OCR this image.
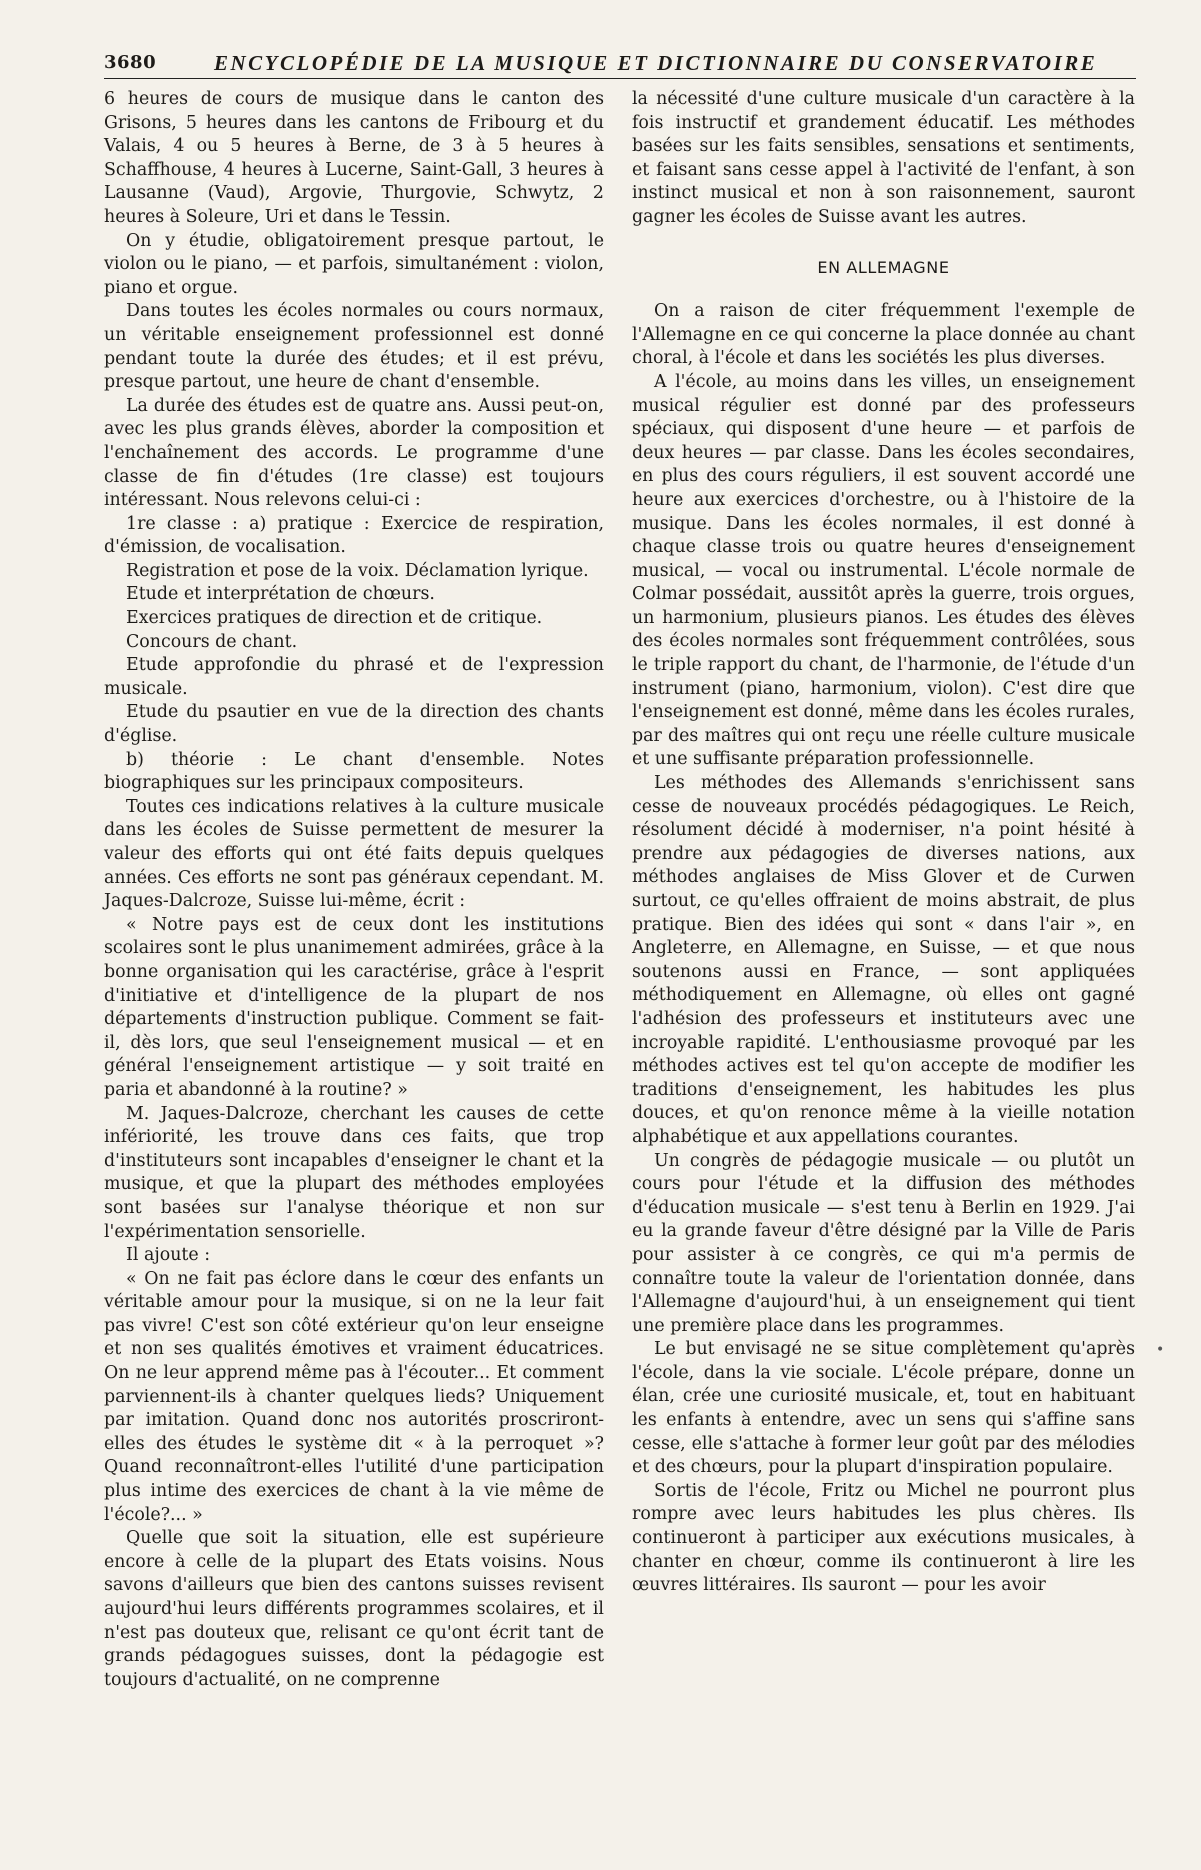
3680	ENCYCLOPÉDIE DE LA MUSIQUE ET DICTIONNAIRE DU CONSERVATOIRE

6 heures de cours de musique dans le canton des Grisons, 5 heures dans les cantons de Fribourg et du Valais, 4 ou 5 heures à Berne, de 3 à 5 heures à Schaffhouse, 4 heures à Lucerne, Saint-Gall, 3 heures à Lausanne (Vaud), Argovie, Thurgovie, Schwytz, 2 heures à Soleure, Uri et dans le Tessin.

On y étudie, obligatoirement presque partout, le violon ou le piano, — et parfois, simultanément : violon, piano et orgue.

Dans toutes les écoles normales ou cours normaux, un véritable enseignement professionnel est donné pendant toute la durée des études; et il est prévu, presque partout, une heure de chant d'ensemble.

La durée des études est de quatre ans. Aussi peut-on, avec les plus grands élèves, aborder la composition et l'enchaînement des accords. Le programme d'une classe de fin d'études (1re classe) est toujours intéressant. Nous relevons celui-ci :

1re classe : a) pratique : Exercice de respiration, d'émission, de vocalisation.

Registration et pose de la voix. Déclamation lyrique.

Etude et interprétation de chœurs.

Exercices pratiques de direction et de critique.

Concours de chant.

Etude approfondie du phrasé et de l'expression musicale.

Etude du psautier en vue de la direction des chants d'église.

b) théorie : Le chant d'ensemble. Notes biographiques sur les principaux compositeurs.

Toutes ces indications relatives à la culture musicale dans les écoles de Suisse permettent de mesurer la valeur des efforts qui ont été faits depuis quelques années. Ces efforts ne sont pas généraux cependant. M. Jaques-Dalcroze, Suisse lui-même, écrit :

« Notre pays est de ceux dont les institutions scolaires sont le plus unanimement admirées, grâce à la bonne organisation qui les caractérise, grâce à l'esprit d'initiative et d'intelligence de la plupart de nos départements d'instruction publique. Comment se fait-il, dès lors, que seul l'enseignement musical — et en général l'enseignement artistique — y soit traité en paria et abandonné à la routine? »

M. Jaques-Dalcroze, cherchant les causes de cette infériorité, les trouve dans ces faits, que trop d'instituteurs sont incapables d'enseigner le chant et la musique, et que la plupart des méthodes employées sont basées sur l'analyse théorique et non sur l'expérimentation sensorielle.

Il ajoute :

« On ne fait pas éclore dans le cœur des enfants un véritable amour pour la musique, si on ne la leur fait pas vivre! C'est son côté extérieur qu'on leur enseigne et non ses qualités émotives et vraiment éducatrices. On ne leur apprend même pas à l'écouter... Et comment parviennent-ils à chanter quelques lieds? Uniquement par imitation. Quand donc nos autorités proscriront-elles des études le système dit « à la perroquet »? Quand reconnaîtront-elles l'utilité d'une participation plus intime des exercices de chant à la vie même de l'école?... »

Quelle que soit la situation, elle est supérieure encore à celle de la plupart des Etats voisins. Nous savons d'ailleurs que bien des cantons suisses revisent aujourd'hui leurs différents programmes scolaires, et il n'est pas douteux que, relisant ce qu'ont écrit tant de grands pédagogues suisses, dont la pédagogie est toujours d'actualité, on ne comprenne

la nécessité d'une culture musicale d'un caractère à la fois instructif et grandement éducatif. Les méthodes basées sur les faits sensibles, sensations et sentiments, et faisant sans cesse appel à l'activité de l'enfant, à son instinct musical et non à son raisonnement, sauront gagner les écoles de Suisse avant les autres.

EN ALLEMAGNE

On a raison de citer fréquemment l'exemple de l'Allemagne en ce qui concerne la place donnée au chant choral, à l'école et dans les sociétés les plus diverses.

A l'école, au moins dans les villes, un enseignement musical régulier est donné par des professeurs spéciaux, qui disposent d'une heure — et parfois de deux heures — par classe. Dans les écoles secondaires, en plus des cours réguliers, il est souvent accordé une heure aux exercices d'orchestre, ou à l'histoire de la musique. Dans les écoles normales, il est donné à chaque classe trois ou quatre heures d'enseignement musical, — vocal ou instrumental. L'école normale de Colmar possédait, aussitôt après la guerre, trois orgues, un harmonium, plusieurs pianos. Les études des élèves des écoles normales sont fréquemment contrôlées, sous le triple rapport du chant, de l'harmonie, de l'étude d'un instrument (piano, harmonium, violon). C'est dire que l'enseignement est donné, même dans les écoles rurales, par des maîtres qui ont reçu une réelle culture musicale et une suffisante préparation professionnelle.

Les méthodes des Allemands s'enrichissent sans cesse de nouveaux procédés pédagogiques. Le Reich, résolument décidé à moderniser, n'a point hésité à prendre aux pédagogies de diverses nations, aux méthodes anglaises de Miss Glover et de Curwen surtout, ce qu'elles offraient de moins abstrait, de plus pratique. Bien des idées qui sont « dans l'air », en Angleterre, en Allemagne, en Suisse, — et que nous soutenons aussi en France, — sont appliquées méthodiquement en Allemagne, où elles ont gagné l'adhésion des professeurs et instituteurs avec une incroyable rapidité. L'enthousiasme provoqué par les méthodes actives est tel qu'on accepte de modifier les traditions d'enseignement, les habitudes les plus douces, et qu'on renonce même à la vieille notation alphabétique et aux appellations courantes.

Un congrès de pédagogie musicale — ou plutôt un cours pour l'étude et la diffusion des méthodes d'éducation musicale — s'est tenu à Berlin en 1929. J'ai eu la grande faveur d'être désigné par la Ville de Paris pour assister à ce congrès, ce qui m'a permis de connaître toute la valeur de l'orientation donnée, dans l'Allemagne d'aujourd'hui, à un enseignement qui tient une première place dans les programmes.

Le but envisagé ne se situe complètement qu'après l'école, dans la vie sociale. L'école prépare, donne un élan, crée une curiosité musicale, et, tout en habituant les enfants à entendre, avec un sens qui s'affine sans cesse, elle s'attache à former leur goût par des mélodies et des chœurs, pour la plupart d'inspiration populaire.

Sortis de l'école, Fritz ou Michel ne pourront plus rompre avec leurs habitudes les plus chères. Ils continueront à participer aux exécutions musicales, à chanter en chœur, comme ils continueront à lire les œuvres littéraires. Ils sauront — pour les avoir

•
